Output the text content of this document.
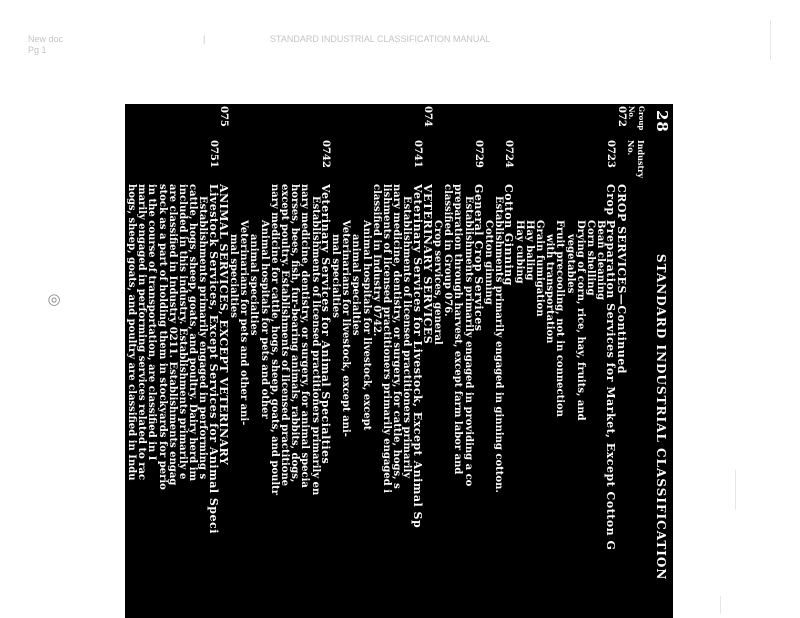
New doc
Pg 1
|	STANDARD INDUSTRIAL CLASSIFICATION MANUAL
◎
28
STANDARD INDUSTRIAL CLASSIFICATION
Group
Industry
No.
No.
072
CROP SERVICES—Continued
0723
Crop Preparation Services for Market, Except Cotton G
Bean cleaning
Corn shelling
Drying of corn, rice, hay, fruits, and
vegetables
Fruit precooling, not in connection
with transportation
Grain fumigation
Hay baling
Hay cubing
0724
Cotton Ginning
Establishments primarily engaged in ginning cotton.
Cotton ginning
0729
General Crop Services
Establishments primarily engaged in providing a co
preparation through harvest, except farm labor and
classified in Group 076.
Crop services, general
074
VETERINARY SERVICES
0741
Veterinary Services for Livestock, Except Animal Sp
Establishments of licensed practitioners primarily
nary medicine, dentistry, or surgery, for cattle, hogs, s
lishments of licensed practitioners primarily engaged i
classified in Industry 0742.
Animal hospitals for livestock, except
animal specialties
Veterinarians for livestock, except ani-
mal specialties
0742
Veterinary Services for Animal Specialties
Establishments of licensed practitioners primarily en
nary medicine, dentistry, or surgery, for animal specia
horses, bees, fish, fur-bearing animals, rabbits, dogs,
except poultry. Establishments of licensed practitione
nary medicine for cattle, hogs, sheep, goats, and poultr
Animal hospitals for pets and other
animal specialties
Veterinarians for pets and other ani-
mal specialties
075
ANIMAL SERVICES, EXCEPT VETERINARY
0751
Livestock Services, Except Services for Animal Speci
Establishments primarily engaged in performing s
cattle, hogs, sheep, goats, and poultry. Dairy herd im
included in this industry. Establishments primarily e
are classified in Industry 0211. Establishments engag
stock as a part of holding them in stockyards for perio
in the course of transportation, are classified in I
marily engaged in performing services related to rac
hogs, sheep, goats, and poultry are classified in Indu
